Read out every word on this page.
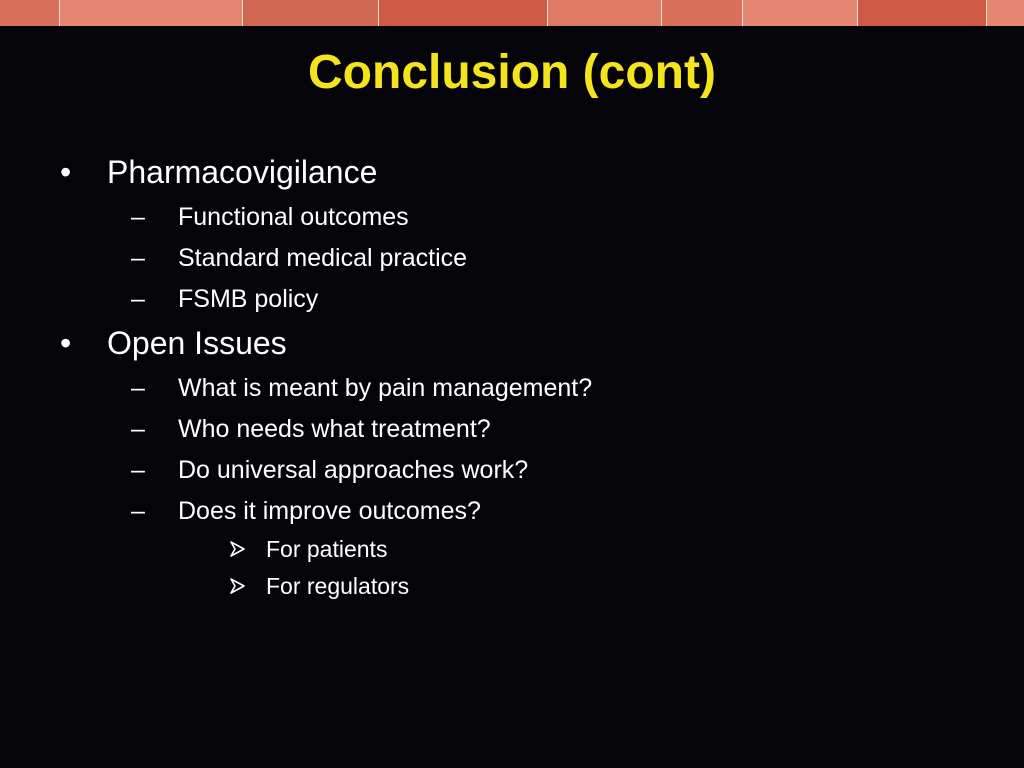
Conclusion (cont)
• Pharmacovigilance
– Functional outcomes
– Standard medical practice
– FSMB policy
• Open Issues
– What is meant by pain management?
– Who needs what treatment?
– Do universal approaches work?
– Does it improve outcomes?
For patients
For regulators
